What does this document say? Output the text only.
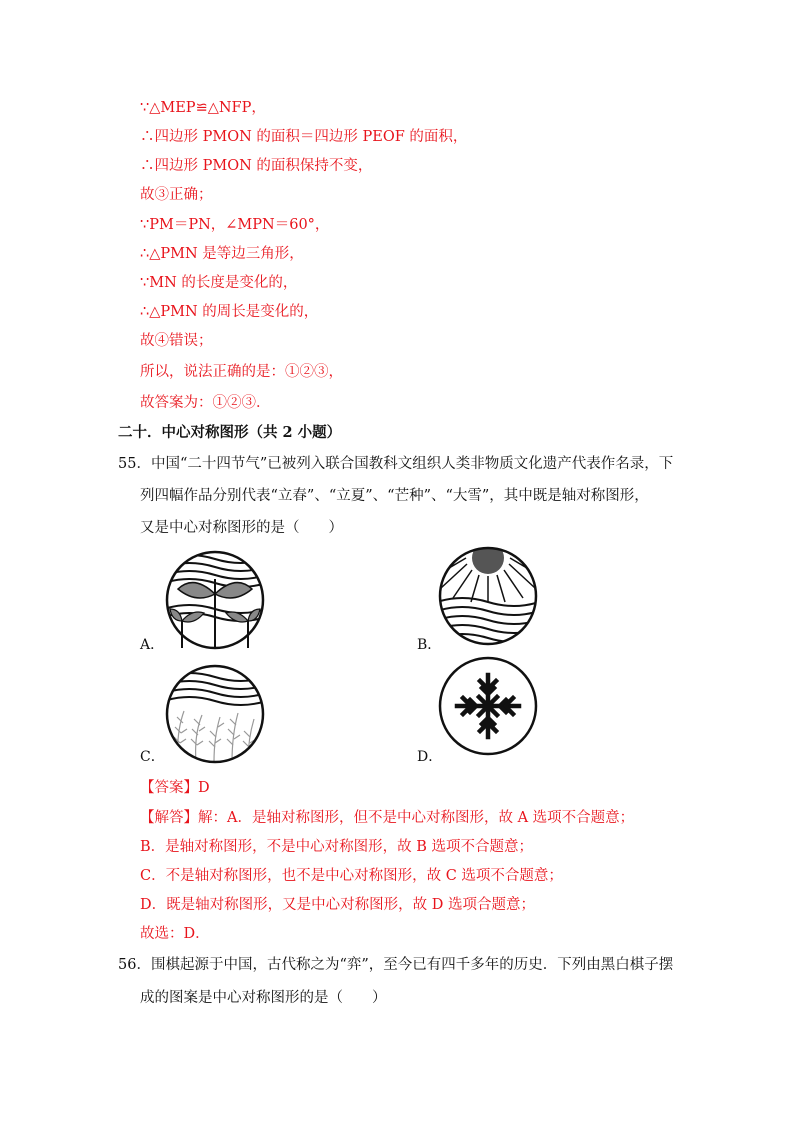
∵△MEP≌△NFP，
∴四边形 PMON 的面积＝四边形 PEOF 的面积，
∴四边形 PMON 的面积保持不变，
故③正确；
∵PM＝PN，∠MPN＝60°，
∴△PMN 是等边三角形，
∵MN 的长度是变化的，
∴△PMN 的周长是变化的，
故④错误；
所以，说法正确的是：①②③，
故答案为：①②③．
二十．中心对称图形（共 2 小题）
55．中国“二十四节气”已被列入联合国教科文组织人类非物质文化遗产代表作名录，下
列四幅作品分别代表“立春”、“立夏”、“芒种”、“大雪”，其中既是轴对称图形，
又是中心对称图形的是（　　）
A．	B．
C．	D．
【答案】D
【解答】解：A．是轴对称图形，但不是中心对称图形，故 A 选项不合题意；
B．是轴对称图形，不是中心对称图形，故 B 选项不合题意；
C．不是轴对称图形，也不是中心对称图形，故 C 选项不合题意；
D．既是轴对称图形，又是中心对称图形，故 D 选项合题意；
故选：D．
56．围棋起源于中国，古代称之为“弈”，至今已有四千多年的历史．下列由黑白棋子摆
成的图案是中心对称图形的是（　　）
